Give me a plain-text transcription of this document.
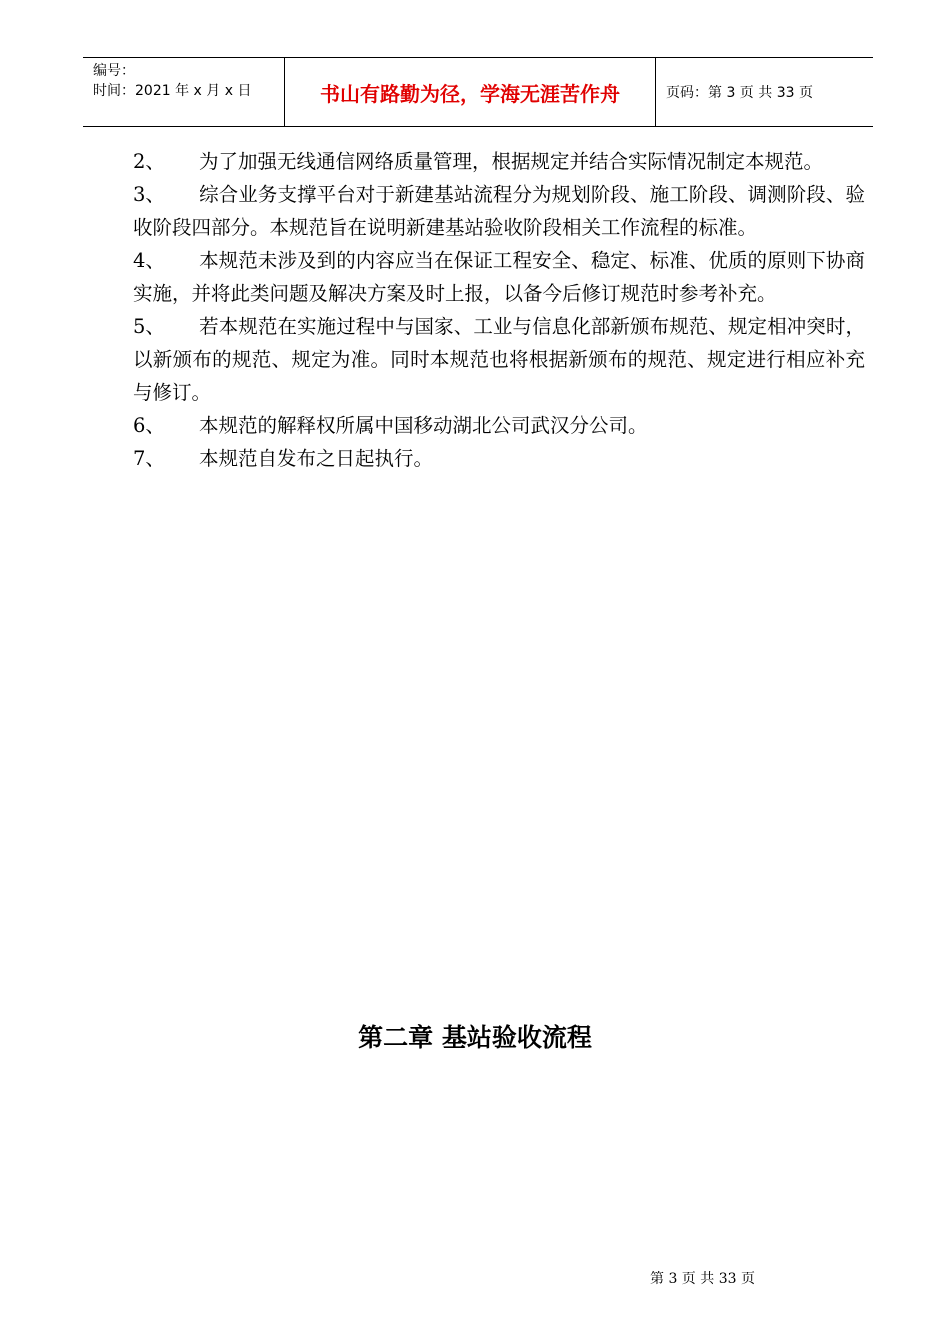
编号：
时间：2021 年 x 月 x 日	书山有路勤为径，学海无涯苦作舟	页码：第 3 页 共 33 页

2、 为了加强无线通信网络质量管理，根据规定并结合实际情况制定本规范。

3、 综合业务支撑平台对于新建基站流程分为规划阶段、施工阶段、调测阶段、验收阶段四部分。本规范旨在说明新建基站验收阶段相关工作流程的标准。

4、 本规范未涉及到的内容应当在保证工程安全、稳定、标准、优质的原则下协商实施，并将此类问题及解决方案及时上报，以备今后修订规范时参考补充。

5、 若本规范在实施过程中与国家、工业与信息化部新颁布规范、规定相冲突时，以新颁布的规范、规定为准。同时本规范也将根据新颁布的规范、规定进行相应补充与修订。

6、 本规范的解释权所属中国移动湖北公司武汉分公司。

7、 本规范自发布之日起执行。

第二章 基站验收流程
第 3 页 共 33 页
